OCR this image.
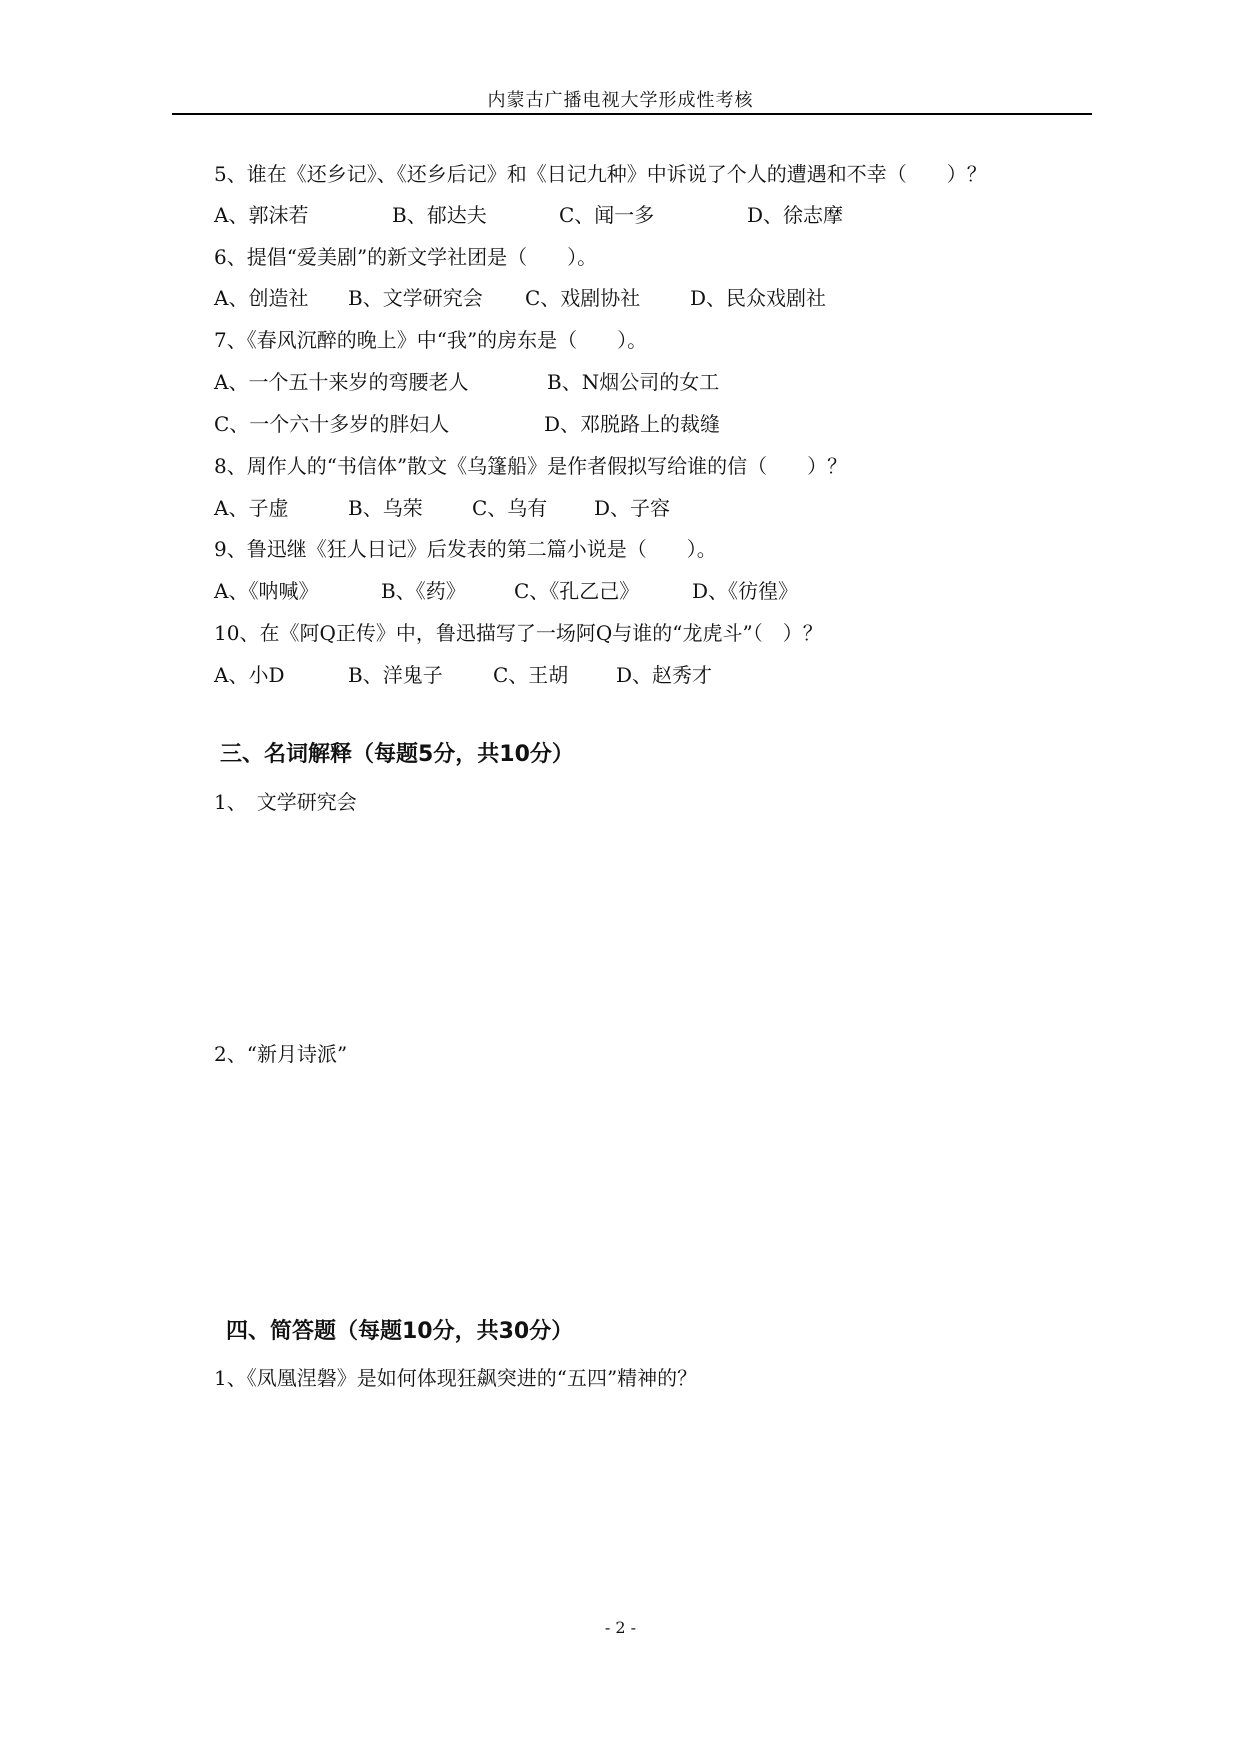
内蒙古广播电视大学形成性考核
5、谁在《还乡记》、《还乡后记》和《日记九种》中诉说了个人的遭遇和不幸（　　）？
A、郭沫若	B、郁达夫	C、闻一多	D、徐志摩
6、提倡“爱美剧”的新文学社团是（　　）。
A、创造社 B、文学研究会 C、戏剧协社 D、民众戏剧社
7、《春风沉醉的晚上》中“我”的房东是（　　）。
A、一个五十来岁的弯腰老人	B、N烟公司的女工
C、一个六十多岁的胖妇人	D、邓脱路上的裁缝
8、周作人的“书信体”散文《乌篷船》是作者假拟写给谁的信（　　）？
A、子虚	B、乌荣 C、乌有 D、子容
9、鲁迅继《狂人日记》后发表的第二篇小说是（　　）。
A、《呐喊》	B、《药》 C、《孔乙己》	D、《彷徨》
10、在《阿Q正传》中，鲁迅描写了一场阿Q与谁的“龙虎斗”（　）？
A、小D	B、洋鬼子	C、王胡 D、赵秀才
三、名词解释（每题5分，共10分）
1、　文学研究会
2、“新月诗派”
四、简答题（每题10分，共30分）
1、《凤凰涅磐》是如何体现狂飙突进的“五四”精神的？
- 2 -
